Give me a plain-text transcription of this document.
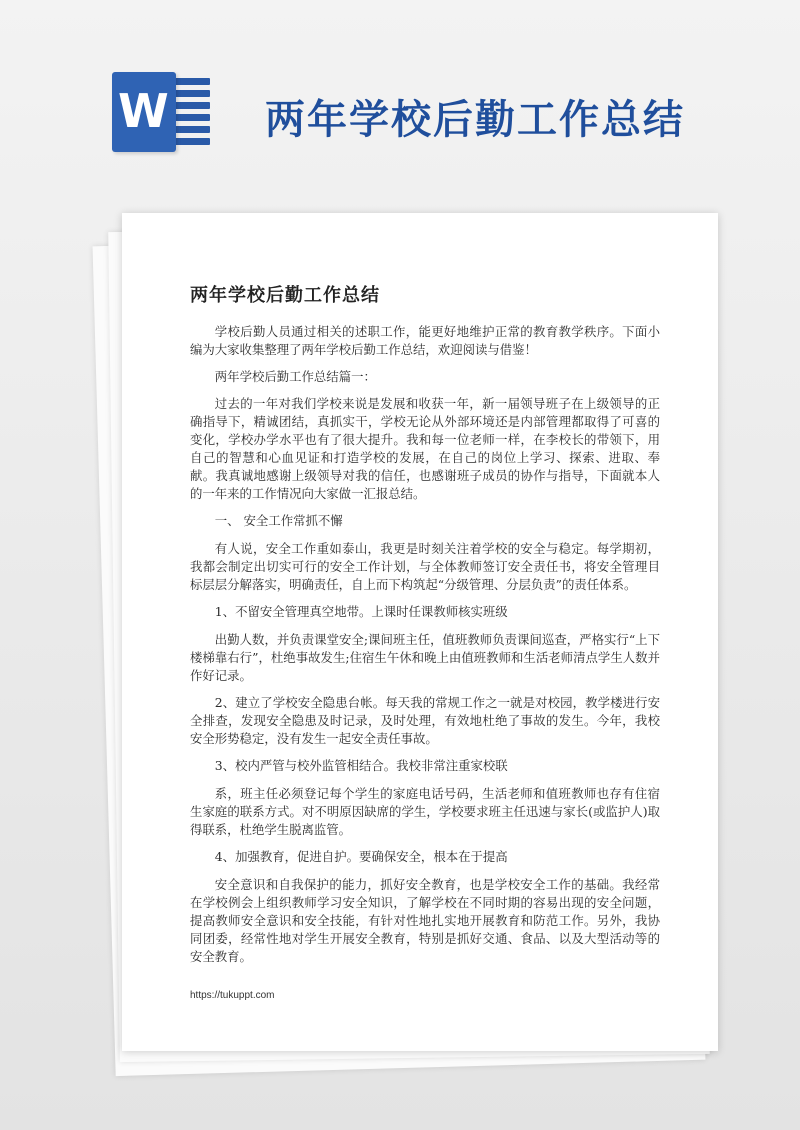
W 两年学校后勤工作总结
两年学校后勤工作总结

学校后勤人员通过相关的述职工作，能更好地维护正常的教育教学秩序。下面小编为大家收集整理了两年学校后勤工作总结，欢迎阅读与借鉴！

两年学校后勤工作总结篇一：

过去的一年对我们学校来说是发展和收获一年，新一届领导班子在上级领导的正确指导下，精诚团结，真抓实干，学校无论从外部环境还是内部管理都取得了可喜的变化，学校办学水平也有了很大提升。我和每一位老师一样，在李校长的带领下，用自己的智慧和心血见证和打造学校的发展，在自己的岗位上学习、探索、进取、奉献。我真诚地感谢上级领导对我的信任，也感谢班子成员的协作与指导，下面就本人的一年来的工作情况向大家做一汇报总结。

一、 安全工作常抓不懈

有人说，安全工作重如泰山，我更是时刻关注着学校的安全与稳定。每学期初，我都会制定出切实可行的安全工作计划，与全体教师签订安全责任书，将安全管理目标层层分解落实，明确责任，自上而下构筑起“分级管理、分层负责”的责任体系。

1、不留安全管理真空地带。上课时任课教师核实班级

出勤人数，并负责课堂安全;课间班主任，值班教师负责课间巡查，严格实行“上下楼梯靠右行”，杜绝事故发生;住宿生午休和晚上由值班教师和生活老师清点学生人数并作好记录。

2、建立了学校安全隐患台帐。每天我的常规工作之一就是对校园，教学楼进行安全排查，发现安全隐患及时记录，及时处理，有效地杜绝了事故的发生。今年，我校安全形势稳定，没有发生一起安全责任事故。

3、校内严管与校外监管相结合。我校非常注重家校联

系，班主任必须登记每个学生的家庭电话号码，生活老师和值班教师也存有住宿生家庭的联系方式。对不明原因缺席的学生，学校要求班主任迅速与家长(或监护人)取得联系，杜绝学生脱离监管。

4、加强教育，促进自护。要确保安全，根本在于提高

安全意识和自我保护的能力，抓好安全教育，也是学校安全工作的基础。我经常在学校例会上组织教师学习安全知识，了解学校在不同时期的容易出现的安全问题，提高教师安全意识和安全技能，有针对性地扎实地开展教育和防范工作。另外，我协同团委，经常性地对学生开展安全教育，特别是抓好交通、食品、以及大型活动等的安全教育。

https://tukuppt.com
